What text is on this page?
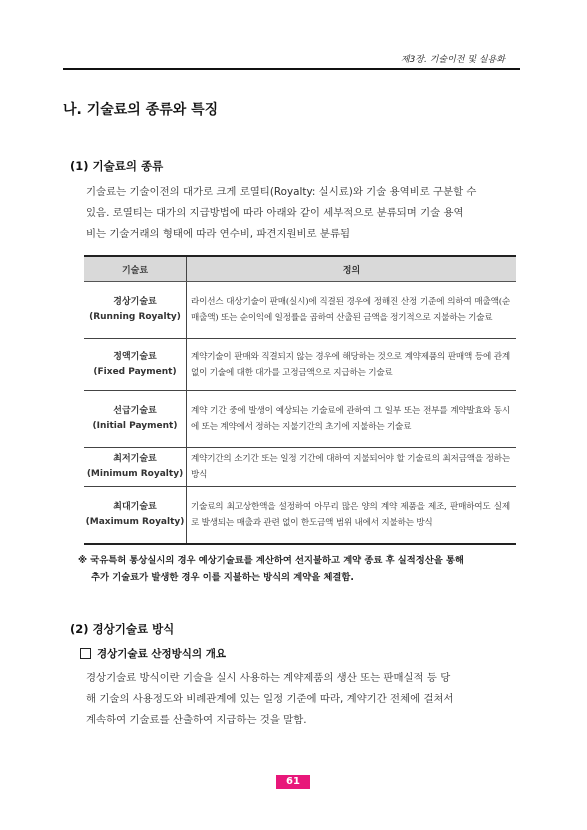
제3장. 기술이전 및 실용화
나. 기술료의 종류와 특징
(1) 기술료의 종류
기술료는 기술이전의 대가로 크게 로열티(Royalty: 실시료)와 기술 용역비로 구분할 수
있음. 로열티는 대가의 지급방법에 따라 아래와 같이 세부적으로 분류되며 기술 용역
비는 기술거래의 형태에 따라 연수비, 파견지원비로 분류됨
기술료	정의

경상기술료
(Running Royalty)	라이선스 대상기술이 판매(실시)에 직결된 경우에 정해진 산정 기준에 의하여 매출액(순매출액) 또는 순이익에 일정률을 곱하여 산출된 금액을 정기적으로 지불하는 기술료

정액기술료
(Fixed Payment)	계약기술이 판매와 직결되지 않는 경우에 해당하는 것으로 계약제품의 판매액 등에 관계없이 기술에 대한 대가를 고정금액으로 지급하는 기술료

선급기술료
(Initial Payment)	계약 기간 중에 발생이 예상되는 기술료에 관하여 그 일부 또는 전부를 계약발효와 동시에 또는 계약에서 정하는 지불기간의 초기에 지불하는 기술료

최저기술료
(Minimum Royalty)	계약기간의 소기간 또는 일정 기간에 대하여 지불되어야 할 기술료의 최저금액을 정하는 방식

최대기술료
(Maximum Royalty)	기술료의 최고상한액을 설정하여 아무리 많은 양의 계약 제품을 제조, 판매하여도 실제로 발생되는 매출과 관련 없이 한도금액 범위 내에서 지불하는 방식
※ 국유특허 통상실시의 경우 예상기술료를 계산하여 선지불하고 계약 종료 후 실적정산을 통해
추가 기술료가 발생한 경우 이를 지불하는 방식의 계약을 체결함.
(2) 경상기술료 방식
경상기술료 산정방식의 개요
경상기술료 방식이란 기술을 실시 사용하는 계약제품의 생산 또는 판매실적 등 당
해 기술의 사용정도와 비례관계에 있는 일정 기준에 따라, 계약기간 전체에 걸쳐서
계속하여 기술료를 산출하여 지급하는 것을 말함.
61
